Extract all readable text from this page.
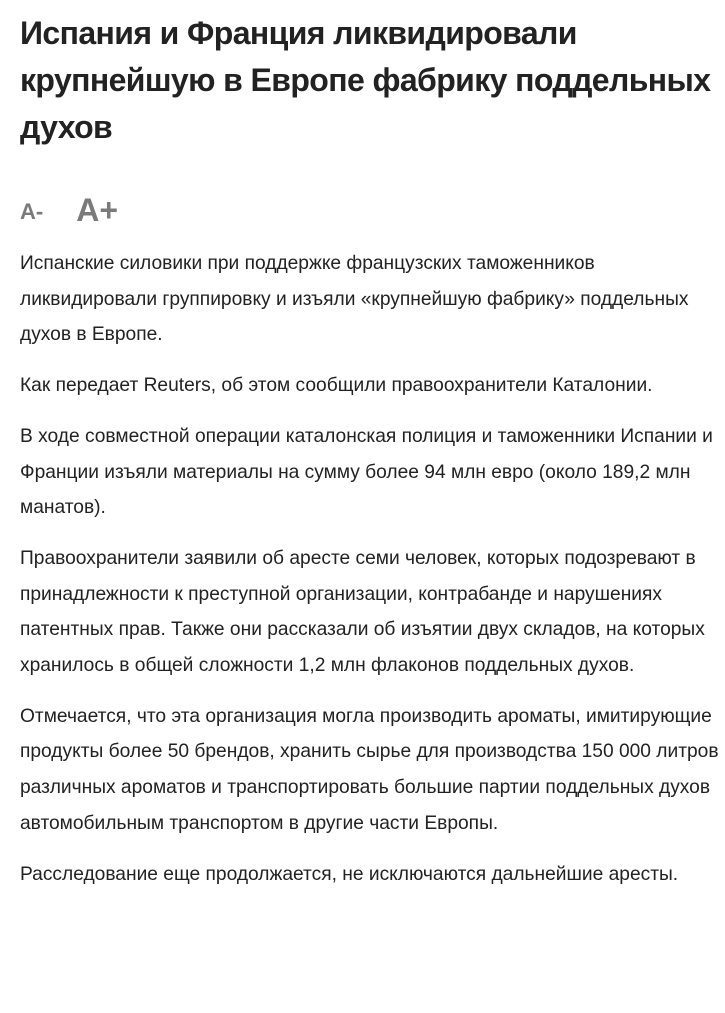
Испания и Франция ликвидировали крупнейшую в Европе фабрику поддельных духов
A- A+

Испанские силовики при поддержке французских таможенников ликвидировали группировку и изъяли «крупнейшую фабрику» поддельных духов в Европе.

Как передает Reuters, об этом сообщили правоохранители Каталонии.

В ходе совместной операции каталонская полиция и таможенники Испании и Франции изъяли материалы на сумму более 94 млн евро (около 189,2 млн манатов).

Правоохранители заявили об аресте семи человек, которых подозревают в принадлежности к преступной организации, контрабанде и нарушениях патентных прав. Также они рассказали об изъятии двух складов, на которых хранилось в общей сложности 1,2 млн флаконов поддельных духов.

Отмечается, что эта организация могла производить ароматы, имитирующие продукты более 50 брендов, хранить сырье для производства 150 000 литров различных ароматов и транспортировать большие партии поддельных духов автомобильным транспортом в другие части Европы.

Расследование еще продолжается, не исключаются дальнейшие аресты.
